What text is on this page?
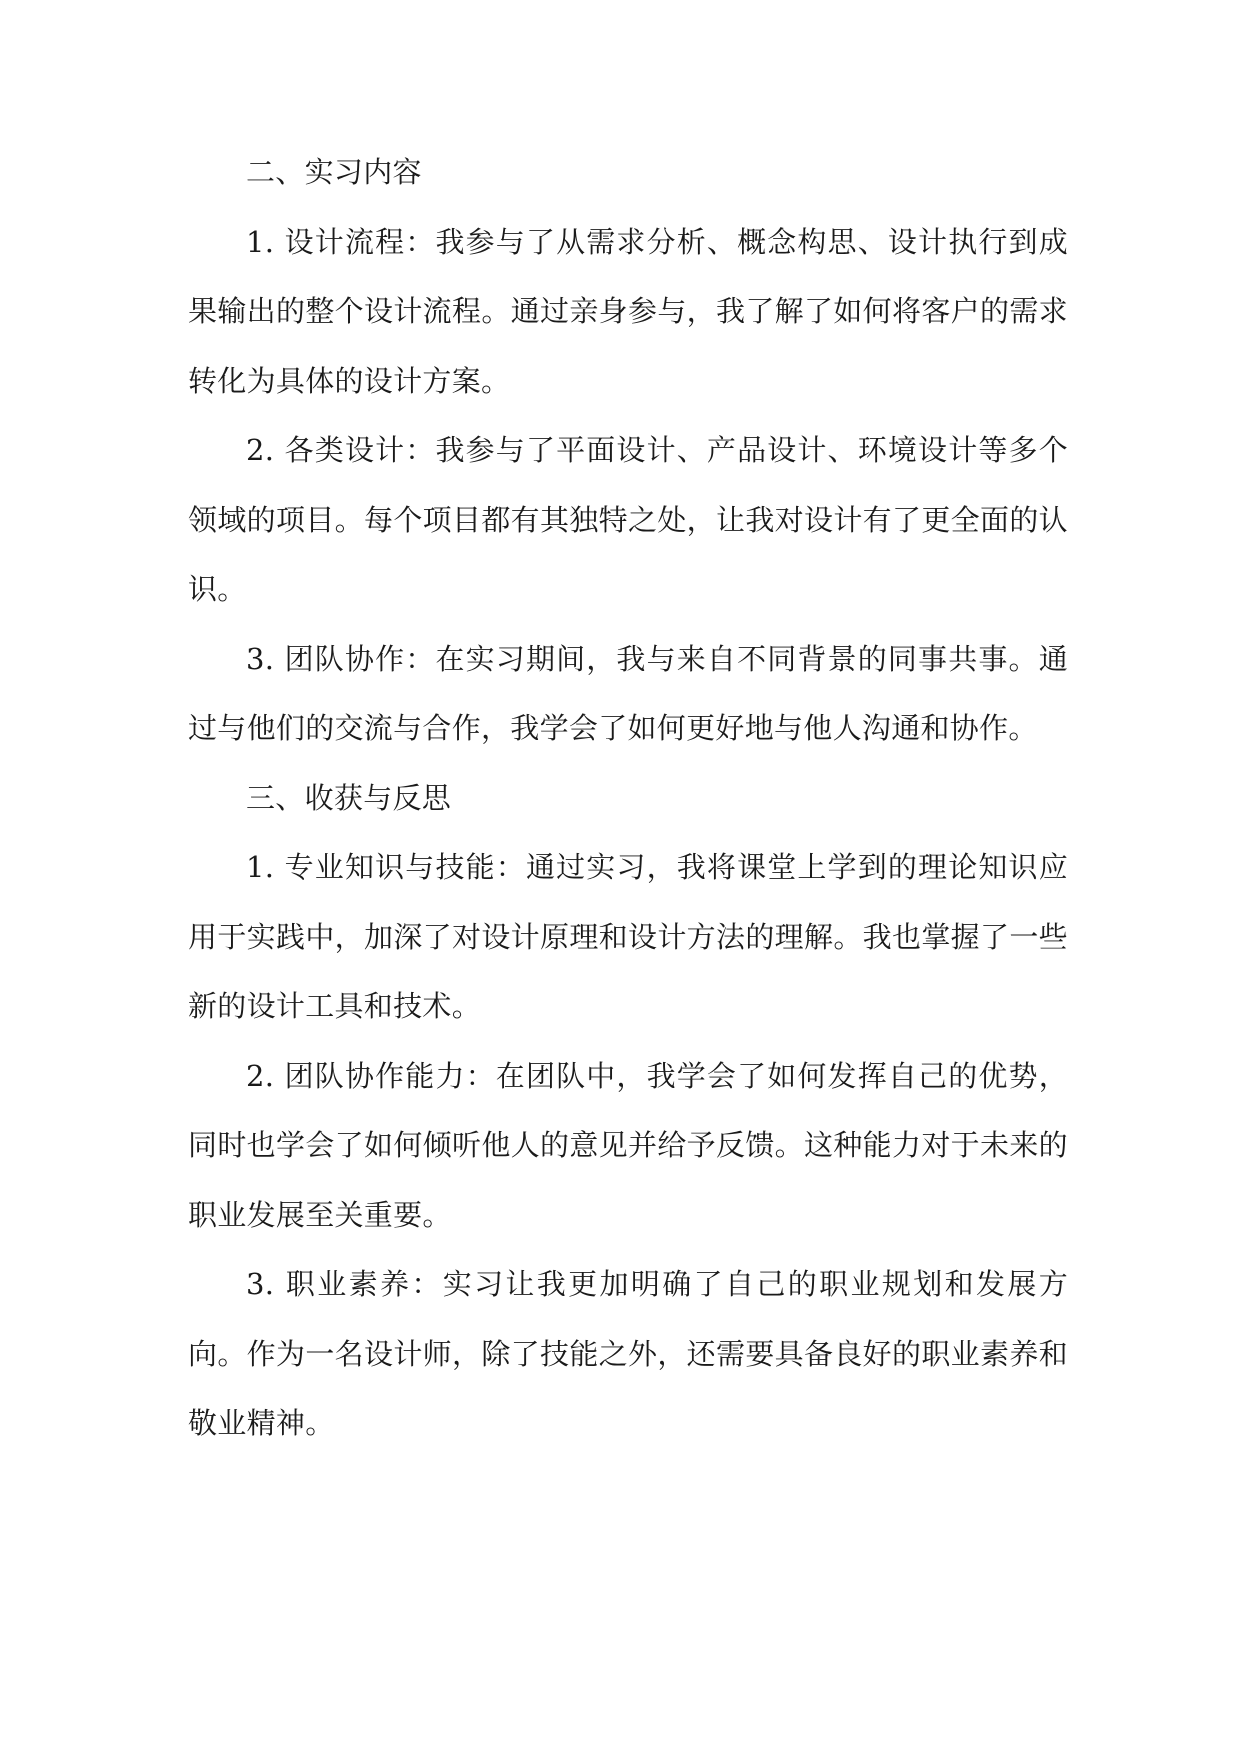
二、实习内容

1. 设计流程：我参与了从需求分析、概念构思、设计执行到成果输出的整个设计流程。通过亲身参与，我了解了如何将客户的需求转化为具体的设计方案。

2. 各类设计：我参与了平面设计、产品设计、环境设计等多个领域的项目。每个项目都有其独特之处，让我对设计有了更全面的认识。

3. 团队协作：在实习期间，我与来自不同背景的同事共事。通过与他们的交流与合作，我学会了如何更好地与他人沟通和协作。

三、收获与反思

1. 专业知识与技能：通过实习，我将课堂上学到的理论知识应用于实践中，加深了对设计原理和设计方法的理解。我也掌握了一些新的设计工具和技术。

2. 团队协作能力：在团队中，我学会了如何发挥自己的优势，同时也学会了如何倾听他人的意见并给予反馈。这种能力对于未来的职业发展至关重要。

3. 职业素养：实习让我更加明确了自己的职业规划和发展方向。作为一名设计师，除了技能之外，还需要具备良好的职业素养和敬业精神。
